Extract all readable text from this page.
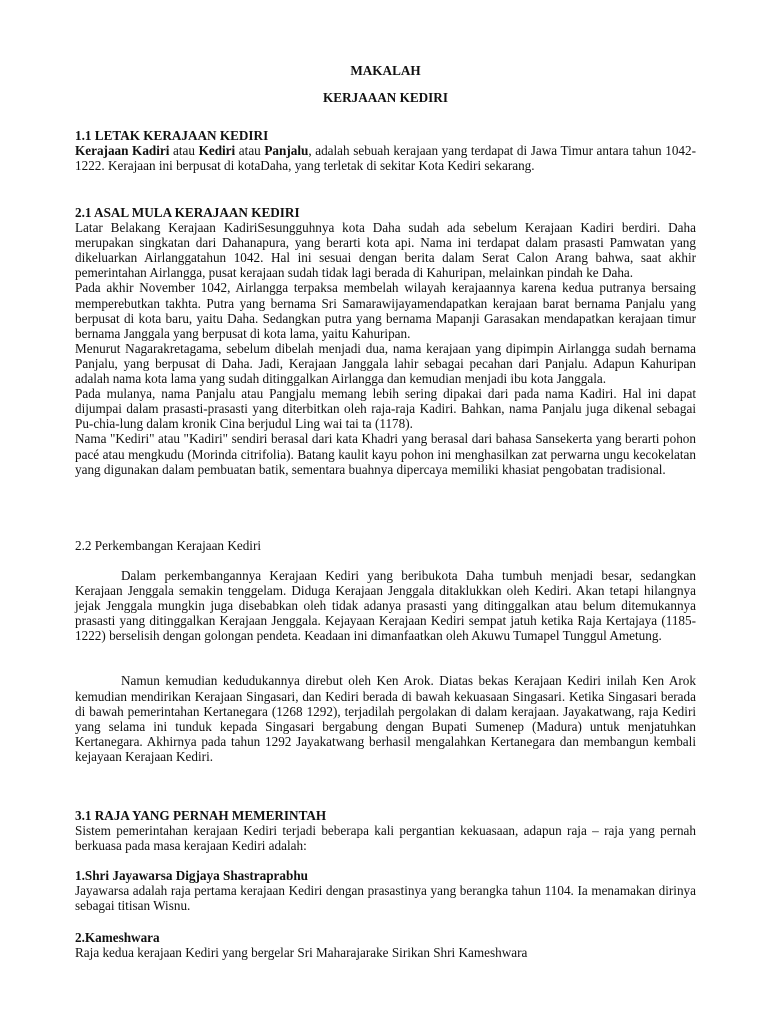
MAKALAH

KERJAAAN KEDIRI

1.1 LETAK KERAJAAN KEDIRI

Kerajaan Kadiri atau Kediri atau Panjalu, adalah sebuah kerajaan yang terdapat di Jawa Timur antara tahun 1042-1222. Kerajaan ini berpusat di kotaDaha, yang terletak di sekitar Kota Kediri sekarang.

2.1 ASAL MULA KERAJAAN KEDIRI

Latar Belakang Kerajaan KadiriSesungguhnya kota Daha sudah ada sebelum Kerajaan Kadiri berdiri. Daha merupakan singkatan dari Dahanapura, yang berarti kota api. Nama ini terdapat dalam prasasti Pamwatan yang dikeluarkan Airlanggatahun 1042. Hal ini sesuai dengan berita dalam Serat Calon Arang bahwa, saat akhir pemerintahan Airlangga, pusat kerajaan sudah tidak lagi berada di Kahuripan, melainkan pindah ke Daha.

Pada akhir November 1042, Airlangga terpaksa membelah wilayah kerajaannya karena kedua putranya bersaing memperebutkan takhta. Putra yang bernama Sri Samarawijayamendapatkan kerajaan barat bernama Panjalu yang berpusat di kota baru, yaitu Daha. Sedangkan putra yang bernama Mapanji Garasakan mendapatkan kerajaan timur bernama Janggala yang berpusat di kota lama, yaitu Kahuripan.

Menurut Nagarakretagama, sebelum dibelah menjadi dua, nama kerajaan yang dipimpin Airlangga sudah bernama Panjalu, yang berpusat di Daha. Jadi, Kerajaan Janggala lahir sebagai pecahan dari Panjalu. Adapun Kahuripan adalah nama kota lama yang sudah ditinggalkan Airlangga dan kemudian menjadi ibu kota Janggala.

Pada mulanya, nama Panjalu atau Pangjalu memang lebih sering dipakai dari pada nama Kadiri. Hal ini dapat dijumpai dalam prasasti-prasasti yang diterbitkan oleh raja-raja Kadiri. Bahkan, nama Panjalu juga dikenal sebagai Pu-chia-lung dalam kronik Cina berjudul Ling wai tai ta (1178).

Nama "Kediri" atau "Kadiri" sendiri berasal dari kata Khadri yang berasal dari bahasa Sansekerta yang berarti pohon pacé atau mengkudu (Morinda citrifolia). Batang kaulit kayu pohon ini menghasilkan zat perwarna ungu kecokelatan yang digunakan dalam pembuatan batik, sementara buahnya dipercaya memiliki khasiat pengobatan tradisional.

2.2 Perkembangan Kerajaan Kediri

Dalam perkembangannya Kerajaan Kediri yang beribukota Daha tumbuh menjadi besar, sedangkan Kerajaan Jenggala semakin tenggelam. Diduga Kerajaan Jenggala ditaklukkan oleh Kediri. Akan tetapi hilangnya jejak Jenggala mungkin juga disebabkan oleh tidak adanya prasasti yang ditinggalkan atau belum ditemukannya prasasti yang ditinggalkan Kerajaan Jenggala. Kejayaan Kerajaan Kediri sempat jatuh ketika Raja Kertajaya (1185-1222) berselisih dengan golongan pendeta. Keadaan ini dimanfaatkan oleh Akuwu Tumapel Tunggul Ametung.

Namun kemudian kedudukannya direbut oleh Ken Arok. Diatas bekas Kerajaan Kediri inilah Ken Arok kemudian mendirikan Kerajaan Singasari, dan Kediri berada di bawah kekuasaan Singasari. Ketika Singasari berada di bawah pemerintahan Kertanegara (1268 1292), terjadilah pergolakan di dalam kerajaan. Jayakatwang, raja Kediri yang selama ini tunduk kepada Singasari bergabung dengan Bupati Sumenep (Madura) untuk menjatuhkan Kertanegara. Akhirnya pada tahun 1292 Jayakatwang berhasil mengalahkan Kertanegara dan membangun kembali kejayaan Kerajaan Kediri.

3.1 RAJA YANG PERNAH MEMERINTAH

Sistem pemerintahan kerajaan Kediri terjadi beberapa kali pergantian kekuasaan, adapun raja – raja yang pernah berkuasa pada masa kerajaan Kediri adalah:

1.Shri Jayawarsa Digjaya Shastraprabhu

Jayawarsa adalah raja pertama kerajaan Kediri dengan prasastinya yang berangka tahun 1104. Ia menamakan dirinya sebagai titisan Wisnu.

2.Kameshwara

Raja kedua kerajaan Kediri yang bergelar Sri Maharajarake Sirikan Shri Kameshwara
